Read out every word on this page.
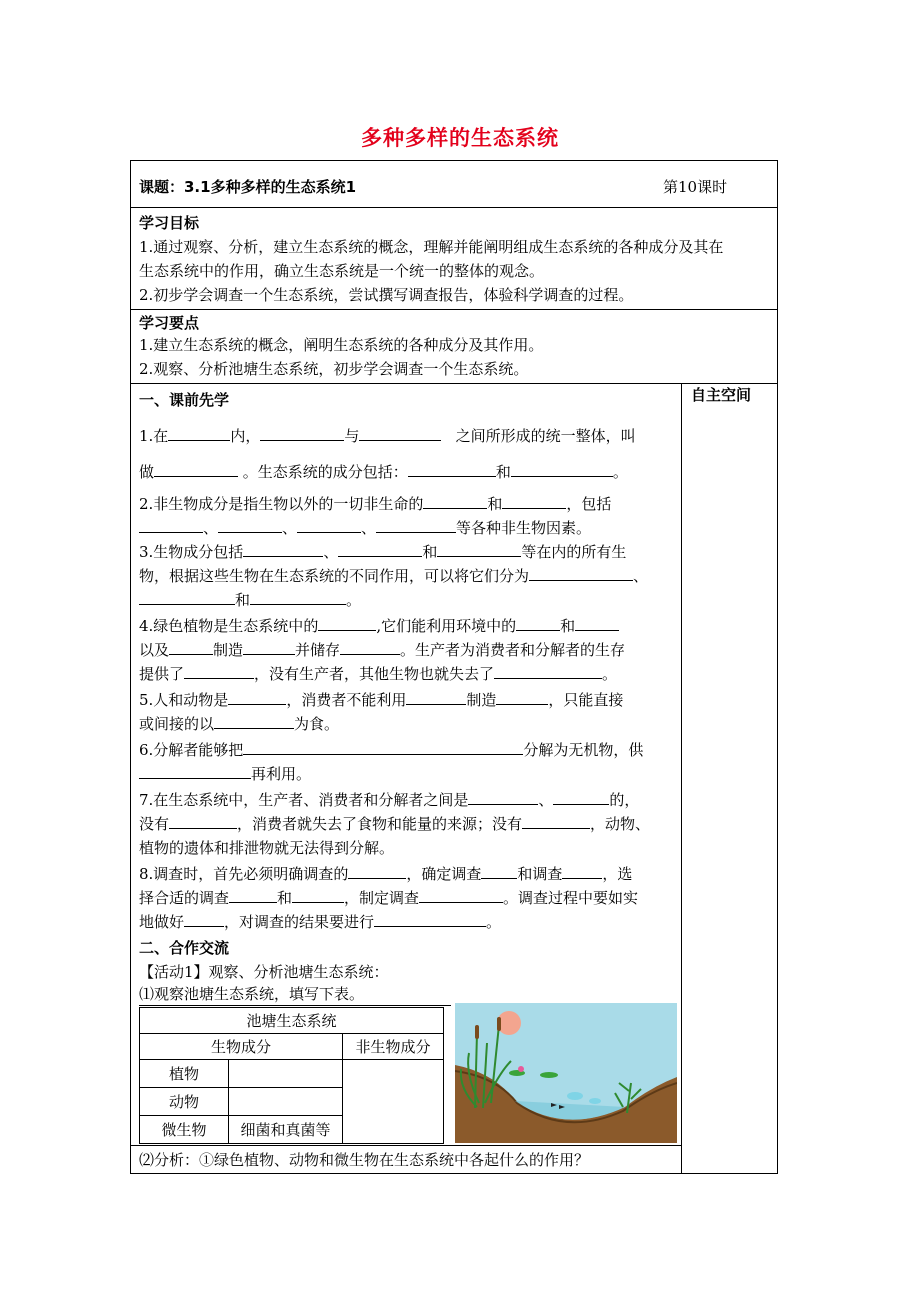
多种多样的生态系统
课题：3.1多种多样的生态系统1	第10课时
学习目标
1.通过观察、分析，建立生态系统的概念，理解并能阐明组成生态系统的各种成分及其在
生态系统中的作用，确立生态系统是一个统一的整体的观念。
2.初步学会调查一个生态系统，尝试撰写调查报告，体验科学调查的过程。
学习要点
1.建立生态系统的概念，阐明生态系统的各种成分及其作用。
2.观察、分析池塘生态系统，初步学会调查一个生态系统。
自主空间
一、课前先学
1.在	内，	与	之间所形成的统一整体，叫
做	。生态系统的成分包括：	和	。
2.非生物成分是指生物以外的一切非生命的	和	，包括
、	、	、	等各种非生物因素。
3.生物成分包括	、	和	等在内的所有生
物，根据这些生物在生态系统的不同作用，可以将它们分为	、
和	。
4.绿色植物是生态系统中的	,它们能利用环境中的	和
以及	制造	并储存	。生产者为消费者和分解者的生存
提供了	，没有生产者，其他生物也就失去了	。
5.人和动物是	，消费者不能利用	制造	，只能直接
或间接的以	为食。
6.分解者能够把	分解为无机物，供
再利用。
7.在生态系统中，生产者、消费者和分解者之间是	、	的，
没有	，消费者就失去了食物和能量的来源；没有	，动物、
植物的遗体和排泄物就无法得到分解。
8.调查时，首先必须明确调查的	，确定调查 和调查	，选
择合适的调查	和	，制定调查	。调查过程中要如实
地做好	，对调查的结果要进行	。
二、合作交流
【活动1】观察、分析池塘生态系统：
⑴观察池塘生态系统，填写下表。
池塘生态系统		
生物成分		非生物成分
植物		
动物		
微生物	细菌和真菌等	
⑵分析：①绿色植物、动物和微生物在生态系统中各起什么的作用？
